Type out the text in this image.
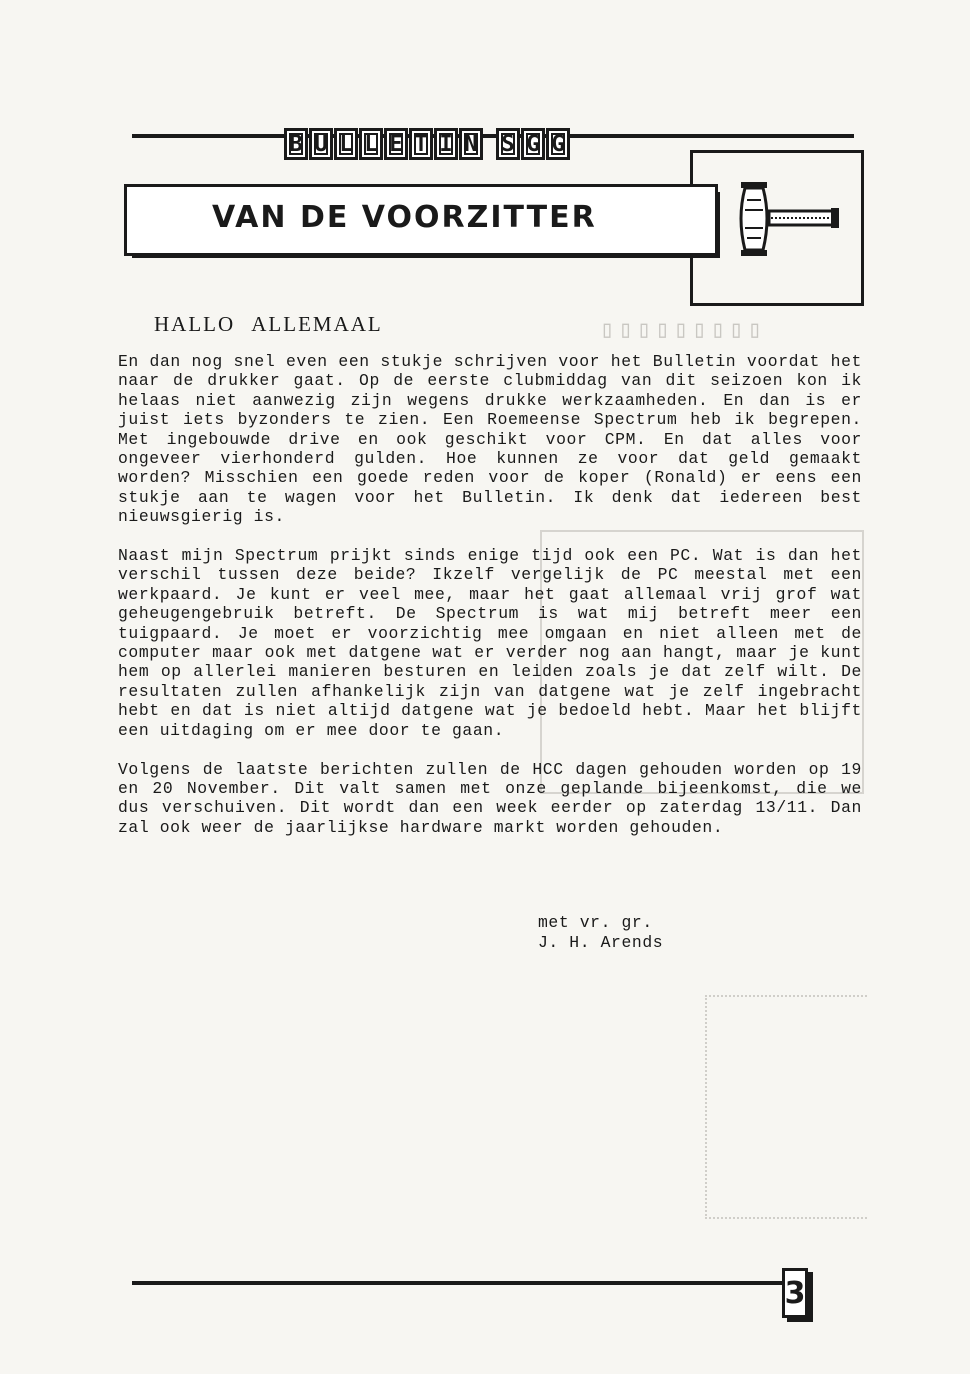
▯▯▯▯▯▯▯▯▯
B U L L E T I N S G G
VAN DE VOORZITTER
HALLO ALLEMAAL

En dan nog snel even een stukje schrijven voor het Bulletin voordat het naar de drukker gaat. Op de eerste clubmiddag van dit seizoen kon ik helaas niet aanwezig zijn wegens drukke werkzaamheden. En dan is er juist iets byzonders te zien. Een Roemeense Spectrum heb ik begrepen. Met ingebouwde drive en ook geschikt voor CPM. En dat alles voor ongeveer vierhonderd gulden. Hoe kunnen ze voor dat geld gemaakt worden? Misschien een goede reden voor de koper (Ronald) er eens een stukje aan te wagen voor het Bulletin. Ik denk dat iedereen best nieuwsgierig is.

Naast mijn Spectrum prijkt sinds enige tijd ook een PC. Wat is dan het verschil tussen deze beide? Ikzelf vergelijk de PC meestal met een werkpaard. Je kunt er veel mee, maar het gaat allemaal vrij grof wat geheugengebruik betreft. De Spectrum is wat mij betreft meer een tuigpaard. Je moet er voorzichtig mee omgaan en niet alleen met de computer maar ook met datgene wat er verder nog aan hangt, maar je kunt hem op allerlei manieren besturen en leiden zoals je dat zelf wilt. De resultaten zullen afhankelijk zijn van datgene wat je zelf ingebracht hebt en dat is niet altijd datgene wat je bedoeld hebt. Maar het blijft een uitdaging om er mee door te gaan.

Volgens de laatste berichten zullen de HCC dagen gehouden worden op 19 en 20 November. Dit valt samen met onze geplande bijeenkomst, die we dus verschuiven. Dit wordt dan een week eerder op zaterdag 13/11. Dan zal ook weer de jaarlijkse hardware markt worden gehouden.

met vr. gr.
J. H. Arends
3
